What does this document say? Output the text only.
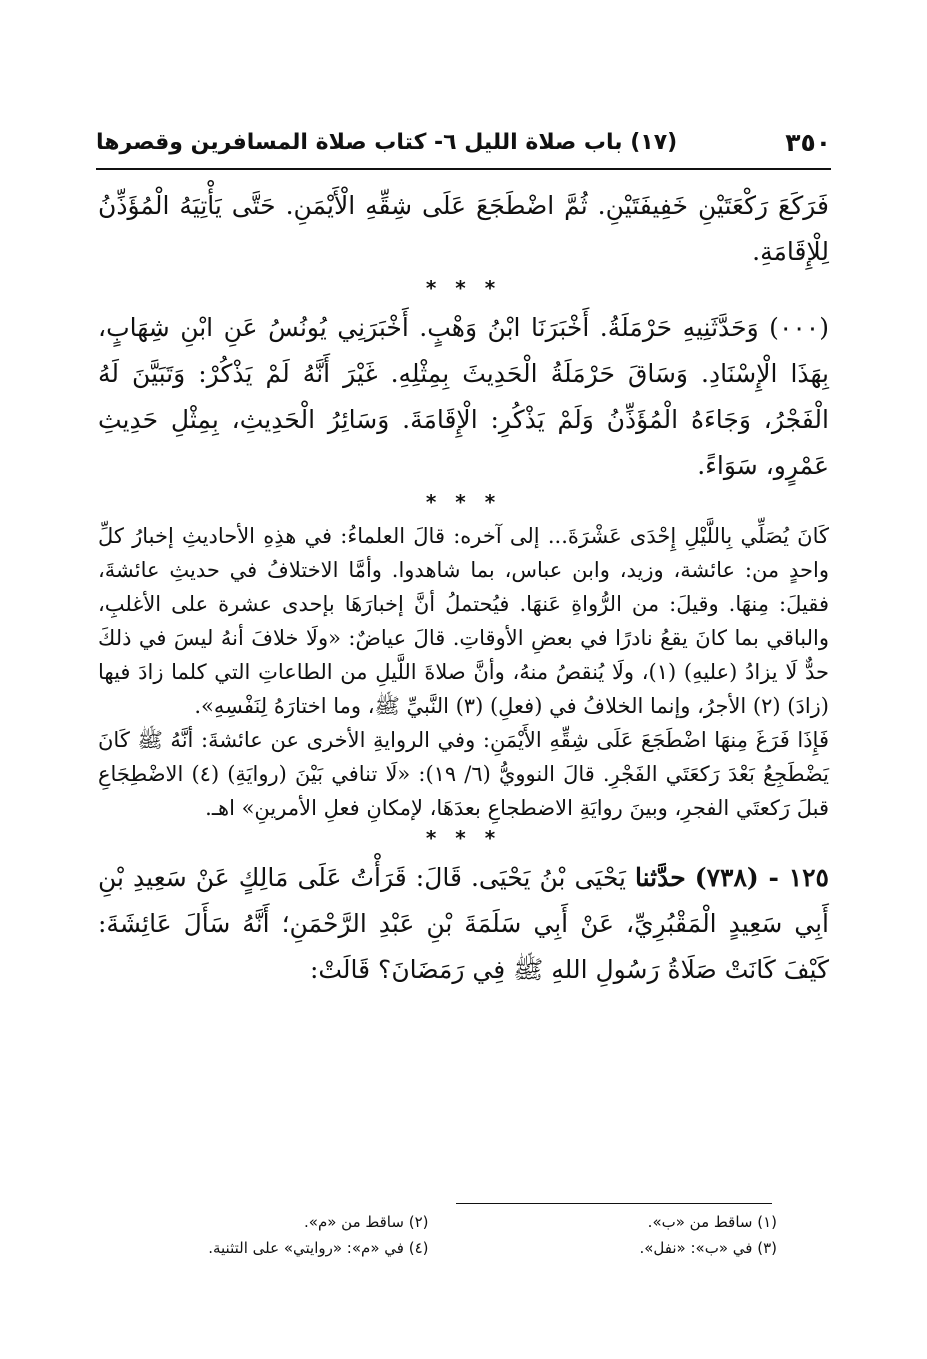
٣٥٠
(١٧) باب صلاة الليل ٦- كتاب صلاة المسافرين وقصرها

فَرَكَعَ رَكْعَتَيْنِ خَفِيفَتَيْنِ. ثُمَّ اضْطَجَعَ عَلَى شِقِّهِ الْأَيْمَنِ. حَتَّى يَأْتِيَهُ الْمُؤَذِّنُ لِلْإِقَامَةِ.

* * *

(٠٠٠) وَحَدَّثَنِيهِ حَرْمَلَةُ. أَخْبَرَنَا ابْنُ وَهْبٍ. أَخْبَرَنِي يُونُسُ عَنِ ابْنِ شِهَابٍ، بِهَذَا الْإِسْنَادِ. وَسَاقَ حَرْمَلَةُ الْحَدِيثَ بِمِثْلِهِ. غَيْرَ أَنَّهُ لَمْ يَذْكُرْ: وَتَبَيَّنَ لَهُ الْفَجْرُ، وَجَاءَهُ الْمُؤَذِّنُ وَلَمْ يَذْكُرِ: الْإِقَامَةَ. وَسَائِرُ الْحَدِيثِ، بِمِثْلِ حَدِيثِ عَمْرٍو، سَوَاءً.

* * *

كَانَ يُصَلِّي بِاللَّيْلِ إِحْدَى عَشْرَةَ... إلى آخره: قالَ العلماءُ: في هذِهِ الأحاديثِ إخبارُ كلِّ واحدٍ من: عائشة، وزيد، وابن عباس، بما شاهدوا. وأمَّا الاختلافُ في حديثِ عائشةَ، فقيلَ: مِنهَا. وقيلَ: من الرُّواةِ عَنهَا. فيُحتملُ أنَّ إخبارَهَا بإحدى عشرة على الأغلبِ، والباقي بما كانَ يقعُ نادرًا في بعضِ الأوقاتِ. قالَ عياضٌ: «ولَا خلافَ أنهُ ليسَ في ذلكَ حدٌّ لَا يزادُ (عليهِ) (١)، ولَا يُنقصُ منهُ، وأنَّ صلاةَ اللَّيلِ من الطاعاتِ التي كلما زادَ فيها (زادَ) (٢) الأجرُ، وإنما الخلافُ في (فعلِ) (٣) النَّبيِّ ﷺ، وما اختارَهُ لِنَفْسِهِ».

فَإِذَا فَرَغَ مِنهَا اضْطَجَعَ عَلَى شِقِّهِ الأَيْمَنِ: وفي الروايةِ الأخرى عن عائشةَ: أنَّهُ ﷺ كَانَ يَضْطَجِعُ بَعْدَ رَكعَتَي الفَجْرِ. قالَ النوويُّ (٦/ ١٩): «لَا تنافي بَيْنَ (روايَةِ) (٤) الاضْطِجَاعِ قبلَ رَكعتَي الفجرِ، وبينَ روايَةِ الاضطجاعِ بعدَهَا، لإمكانِ فعلِ الأمرينِ» اهـ.

* * *

١٢٥ - (٧٣٨) حدَّثنا يَحْيَى بْنُ يَحْيَى. قَالَ: قَرَأْتُ عَلَى مَالِكٍ عَنْ سَعِيدِ بْنِ أَبِي سَعِيدٍ الْمَقْبُرِيِّ، عَنْ أَبِي سَلَمَةَ بْنِ عَبْدِ الرَّحْمَنِ؛ أَنَّهُ سَأَلَ عَائِشَةَ: كَيْفَ كَانَتْ صَلَاةُ رَسُولِ اللهِ ﷺ فِي رَمَضَانَ؟ قَالَتْ:

(١) ساقط من «ب».
(٢) ساقط من «م».
(٣) في «ب»: «نفل».
(٤) في «م»: «روايتي» على التثنية.
